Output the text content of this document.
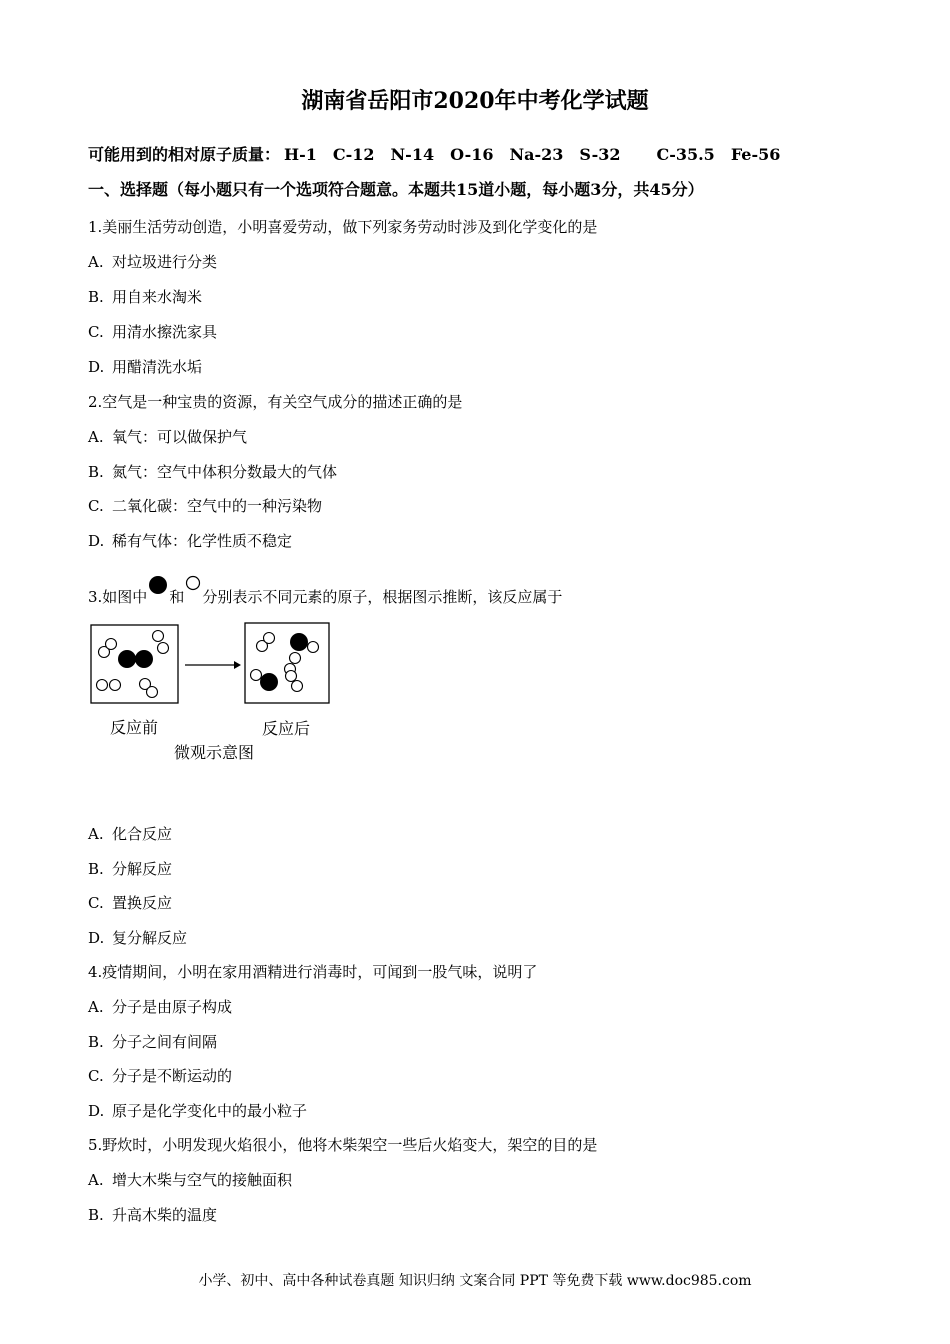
湖南省岳阳市2020年中考化学试题
可能用到的相对原子质量： H-1 C-12 N-14 O-16 Na-23 S-32 C-35.5 Fe-56
一、选择题（每小题只有一个选项符合题意。本题共15道小题，每小题3分，共45分）
1.美丽生活劳动创造，小明喜爱劳动，做下列家务劳动时涉及到化学变化的是
A. 对垃圾进行分类
B. 用自来水淘米
C. 用清水擦洗家具
D. 用醋清洗水垢
2.空气是一种宝贵的资源，有关空气成分的描述正确的是
A. 氧气：可以做保护气
B. 氮气：空气中体积分数最大的气体
C. 二氧化碳：空气中的一种污染物
D. 稀有气体：化学性质不稳定
3.如图中 和 分别表示不同元素的原子，根据图示推断，该反应属于
反应前	反应后
微观示意图
A. 化合反应
B. 分解反应
C. 置换反应
D. 复分解反应
4.疫情期间，小明在家用酒精进行消毒时，可闻到一股气味，说明了
A. 分子是由原子构成
B. 分子之间有间隔
C. 分子是不断运动的
D. 原子是化学变化中的最小粒子
5.野炊时，小明发现火焰很小，他将木柴架空一些后火焰变大，架空的目的是
A. 增大木柴与空气的接触面积
B. 升高木柴的温度
小学、初中、高中各种试卷真题 知识归纳 文案合同 PPT 等免费下载 www.doc985.com
